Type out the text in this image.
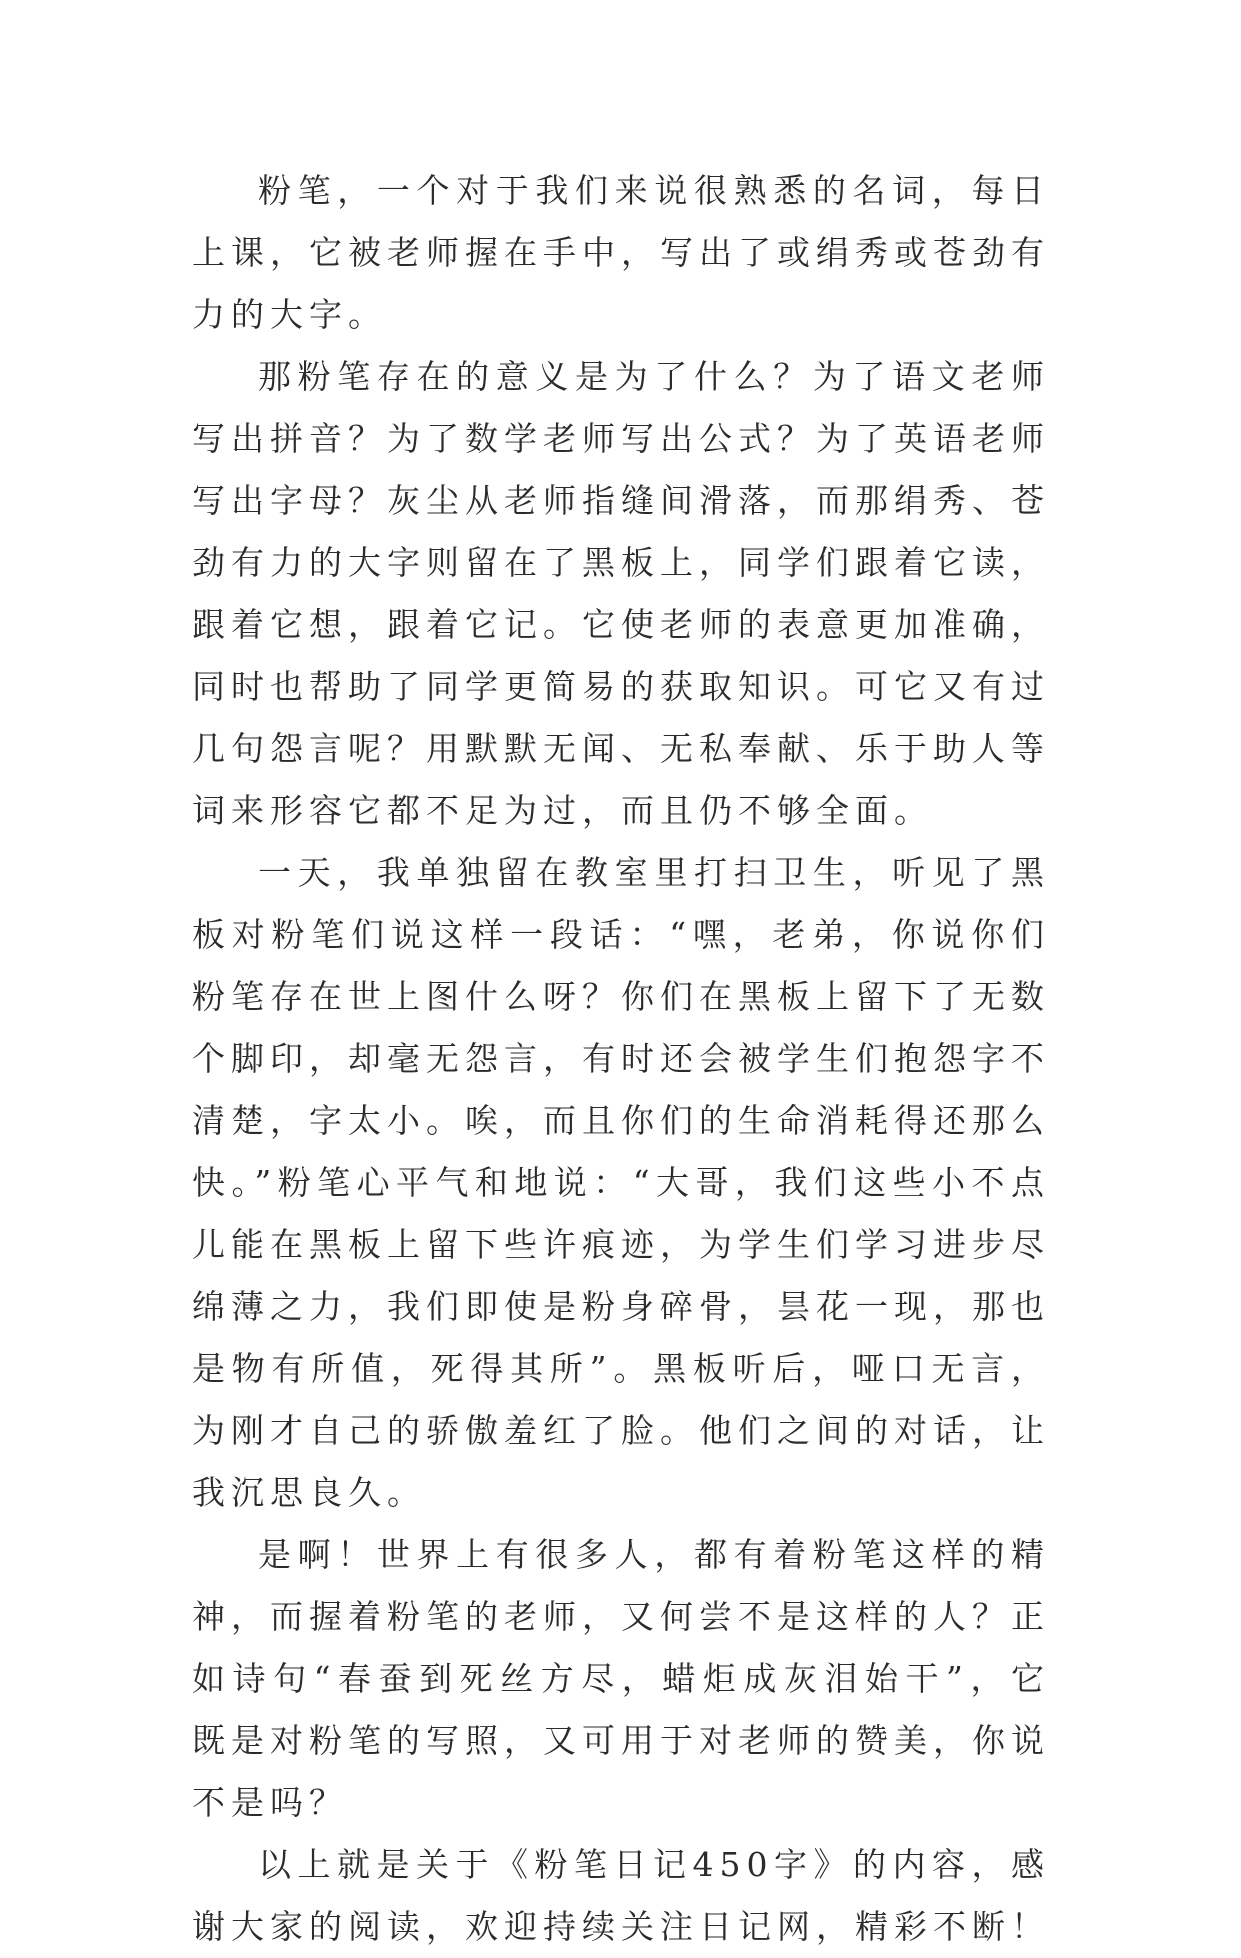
粉笔，一个对于我们来说很熟悉的名词，每日上课，它被老师握在手中，写出了或绢秀或苍劲有力的大字。

那粉笔存在的意义是为了什么？为了语文老师写出拼音？为了数学老师写出公式？为了英语老师写出字母？灰尘从老师指缝间滑落，而那绢秀、苍劲有力的大字则留在了黑板上，同学们跟着它读，跟着它想，跟着它记。它使老师的表意更加准确，同时也帮助了同学更简易的获取知识。可它又有过几句怨言呢？用默默无闻、无私奉献、乐于助人等词来形容它都不足为过，而且仍不够全面。

一天，我单独留在教室里打扫卫生，听见了黑板对粉笔们说这样一段话：“嘿，老弟，你说你们粉笔存在世上图什么呀？你们在黑板上留下了无数个脚印，却毫无怨言，有时还会被学生们抱怨字不清楚，字太小。唉，而且你们的生命消耗得还那么快。”粉笔心平气和地说：“大哥，我们这些小不点儿能在黑板上留下些许痕迹，为学生们学习进步尽绵薄之力，我们即使是粉身碎骨，昙花一现，那也是物有所值，死得其所”。黑板听后，哑口无言，为刚才自己的骄傲羞红了脸。他们之间的对话，让我沉思良久。

是啊！世界上有很多人，都有着粉笔这样的精神，而握着粉笔的老师，又何尝不是这样的人？正如诗句“春蚕到死丝方尽，蜡炬成灰泪始干”，它既是对粉笔的写照，又可用于对老师的赞美，你说不是吗？

以上就是关于《粉笔日记450字》的内容，感谢大家的阅读，欢迎持续关注日记网，精彩不断！
